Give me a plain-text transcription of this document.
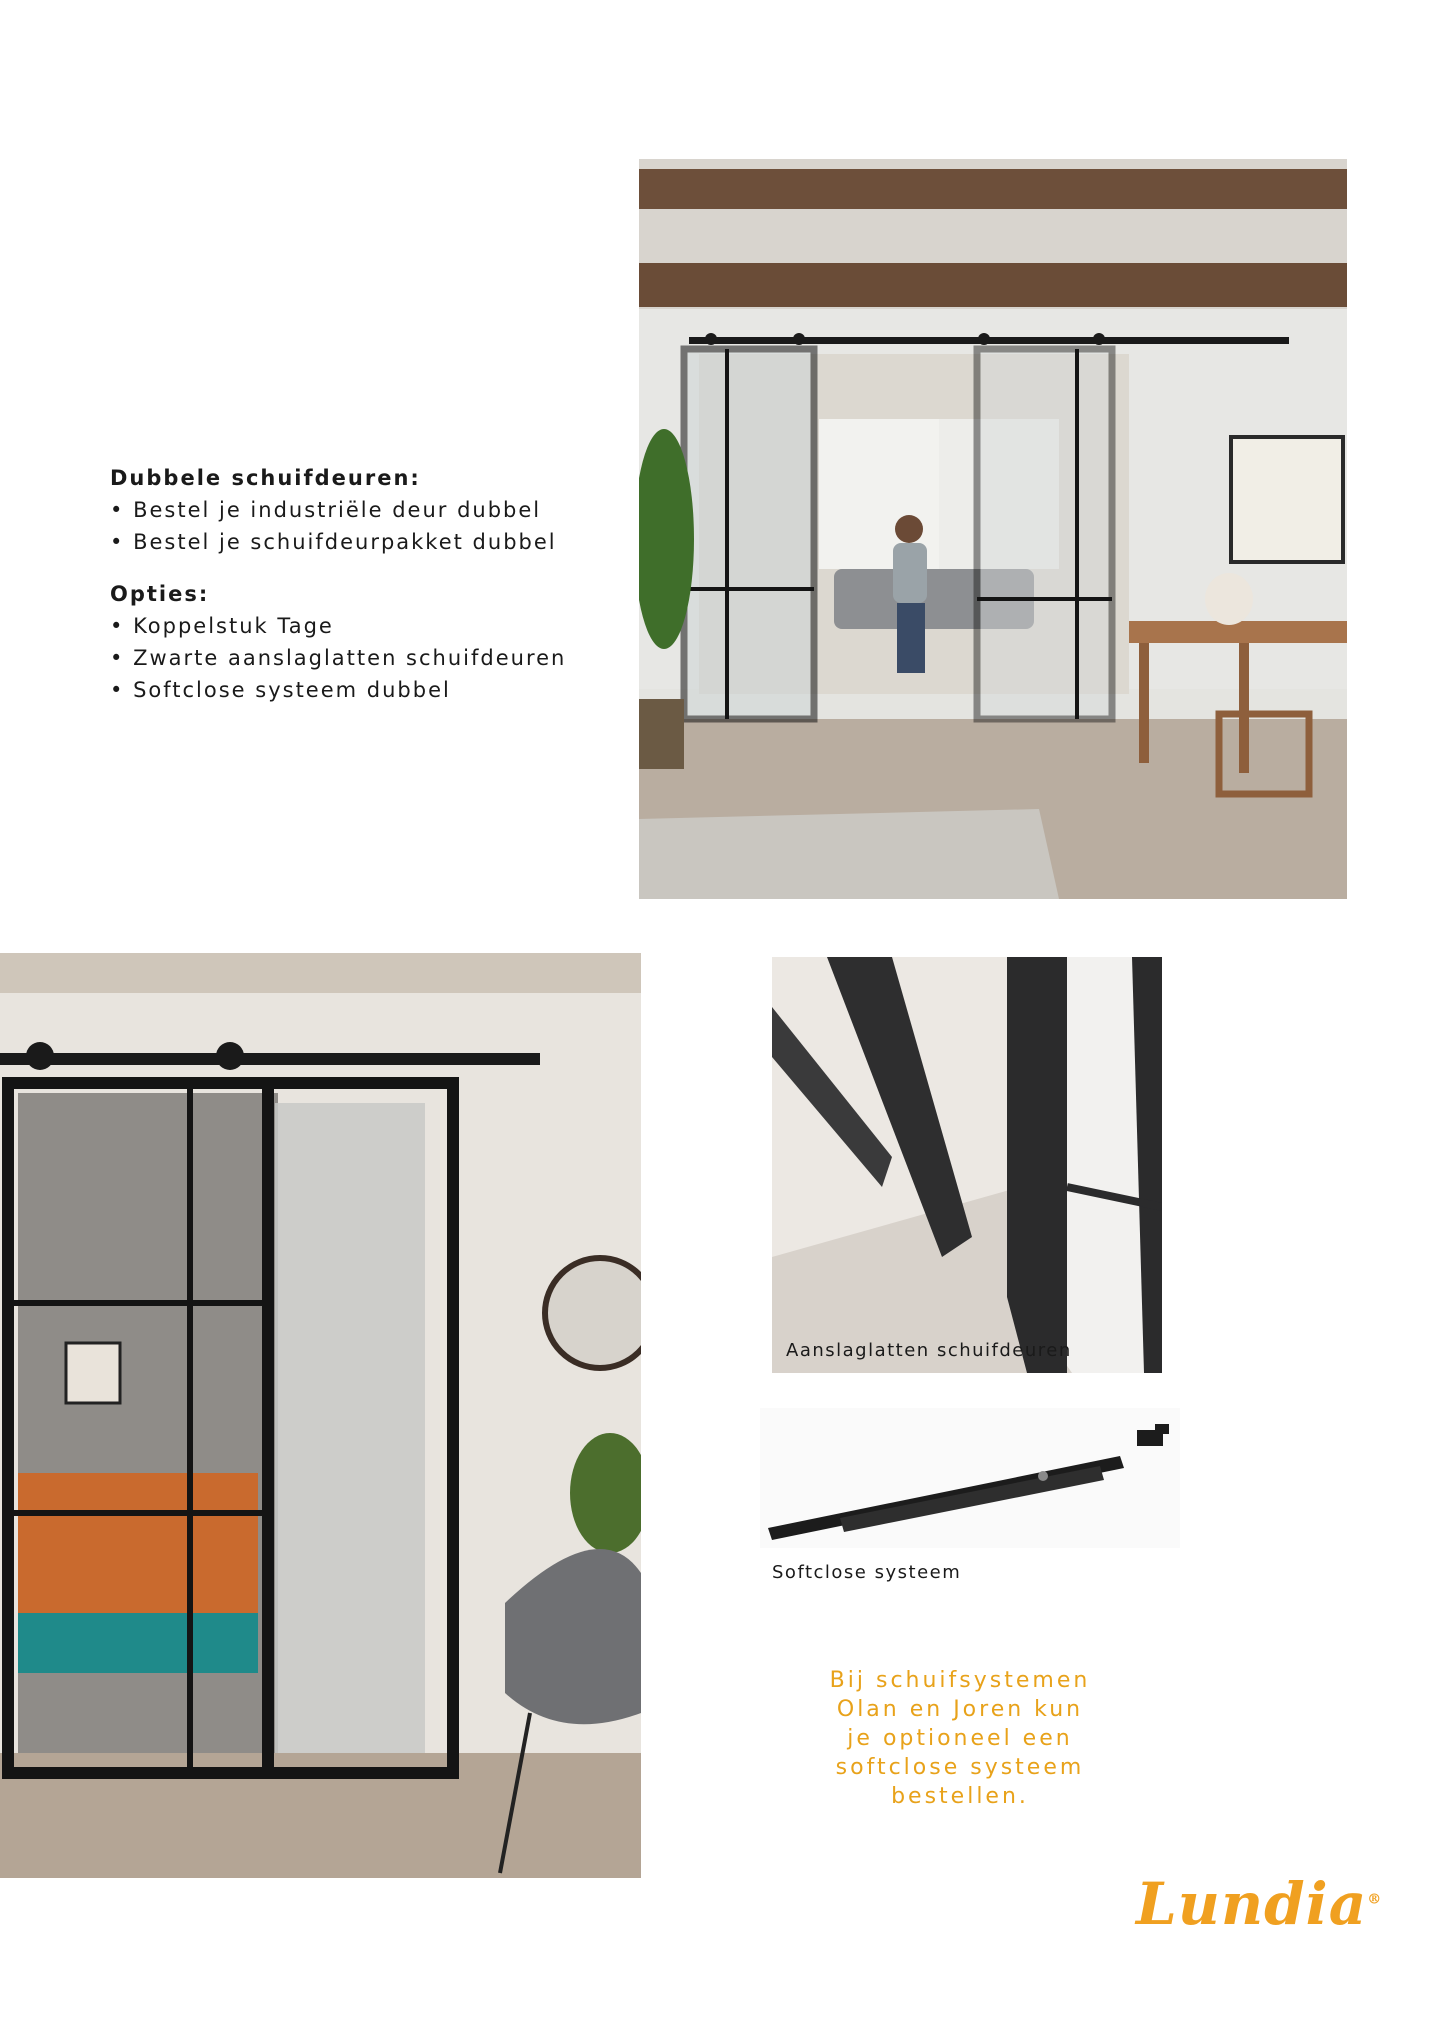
Dubbele schuifdeuren:

• Bestel je industriële deur dubbel
• Bestel je schuifdeurpakket dubbel

Opties:

• Koppelstuk Tage
• Zwarte aanslaglatten schuifdeuren
• Softclose systeem dubbel
Aanslaglatten schuifdeuren
Softclose systeem
Bij schuifsystemen
Olan en Joren kun
je optioneel een
softclose systeem
bestellen.
Lundia®
